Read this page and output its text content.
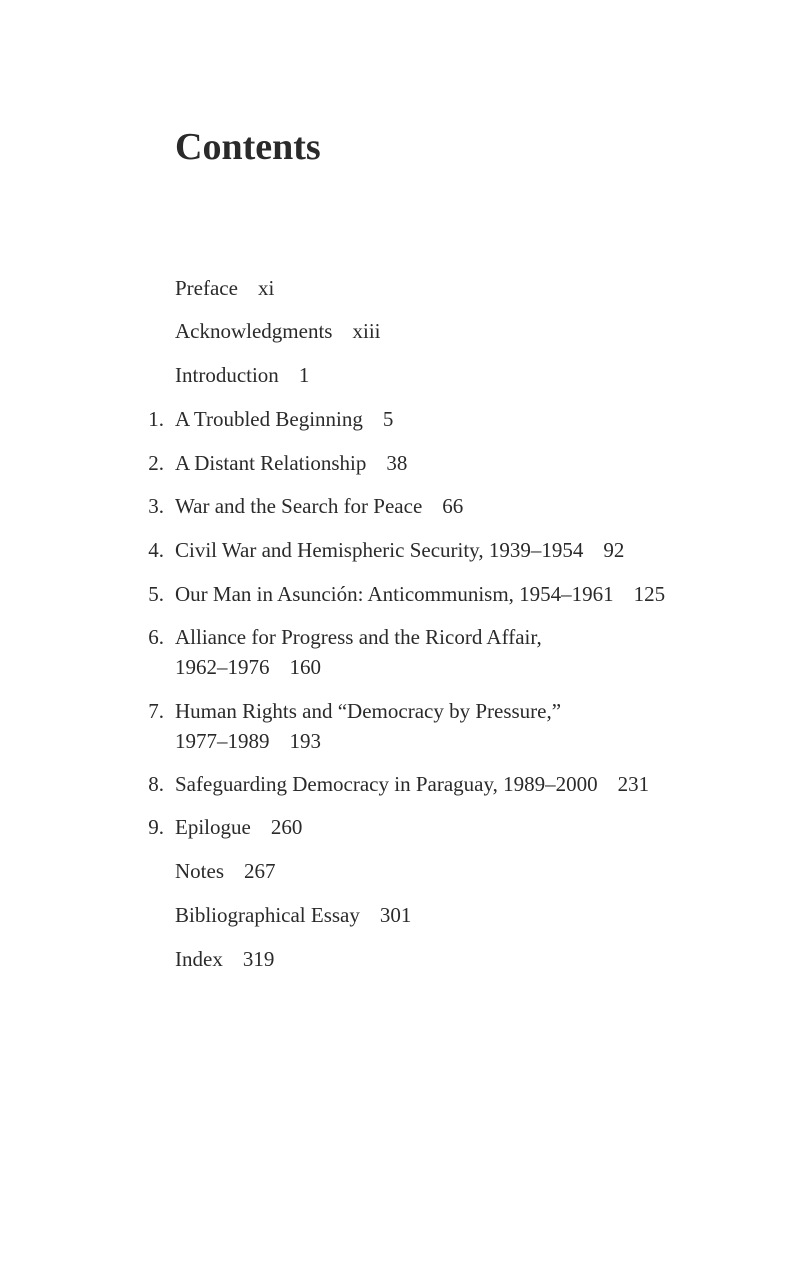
Contents
Preface xi
Acknowledgments xiii
Introduction 1
1. A Troubled Beginning 5
2. A Distant Relationship 38
3. War and the Search for Peace 66
4. Civil War and Hemispheric Security, 1939–1954 92
5. Our Man in Asunción: Anticommunism, 1954–1961 125
6. Alliance for Progress and the Ricord Affair,
1962–1976 160
7. Human Rights and “Democracy by Pressure,”
1977–1989 193
8. Safeguarding Democracy in Paraguay, 1989–2000 231
9. Epilogue 260
Notes 267
Bibliographical Essay 301
Index 319
